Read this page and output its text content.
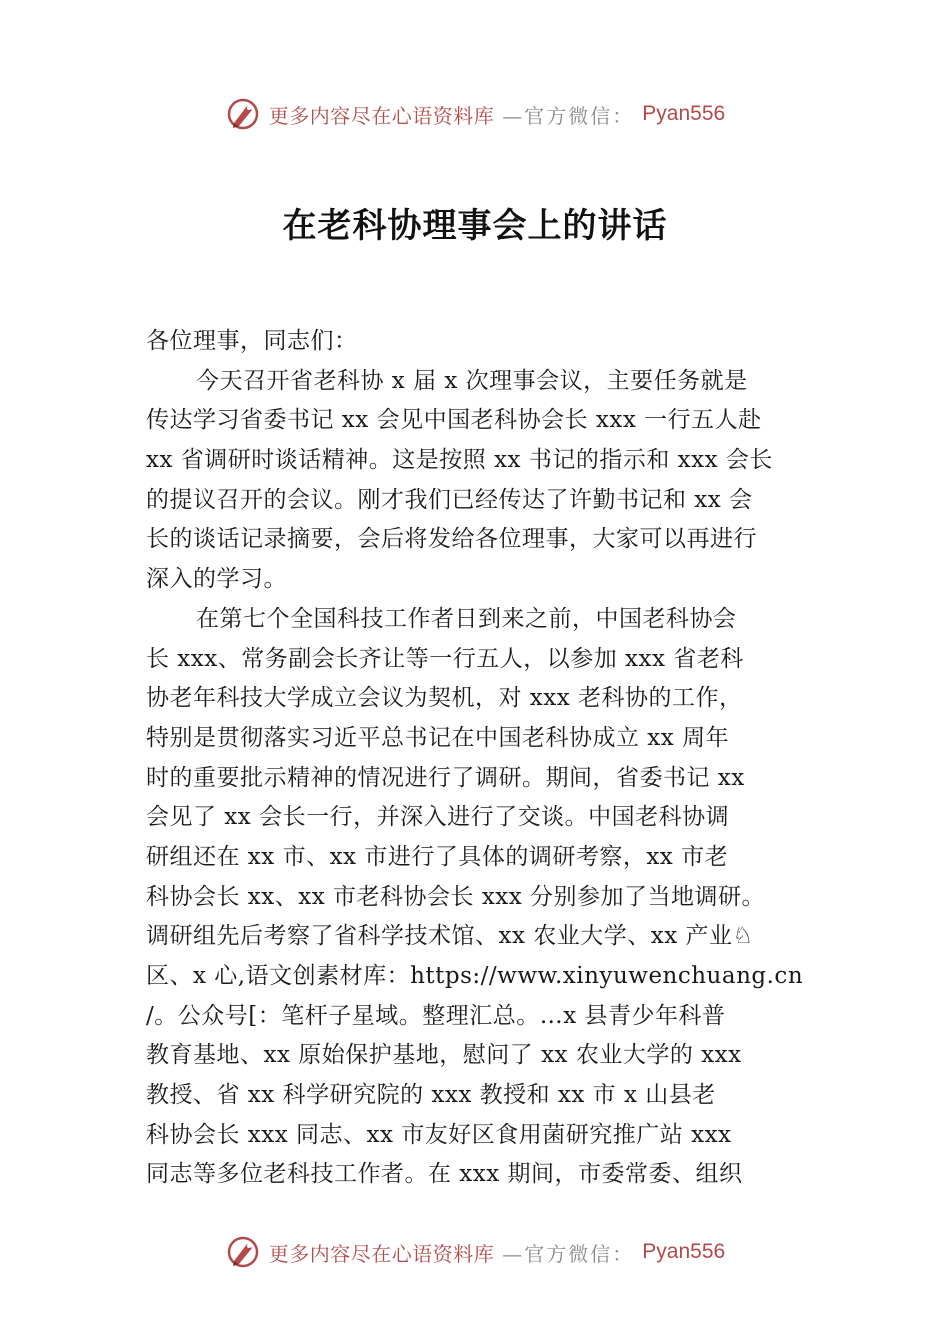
更多内容尽在心语资料库 —官方微信： Pyan556
在老科协理事会上的讲话
各位理事，同志们：
今天召开省老科协 x 届 x 次理事会议，主要任务就是
传达学习省委书记 xx 会见中国老科协会长 xxx 一行五人赴
xx 省调研时谈话精神。这是按照 xx 书记的指示和 xxx 会长
的提议召开的会议。刚才我们已经传达了许勤书记和 xx 会
长的谈话记录摘要，会后将发给各位理事，大家可以再进行
深入的学习。
在第七个全国科技工作者日到来之前，中国老科协会
长 xxx、常务副会长齐让等一行五人，以参加 xxx 省老科
协老年科技大学成立会议为契机，对 xxx 老科协的工作，
特别是贯彻落实习近平总书记在中国老科协成立 xx 周年
时的重要批示精神的情况进行了调研。期间，省委书记 xx
会见了 xx 会长一行，并深入进行了交谈。中国老科协调
研组还在 xx 市、xx 市进行了具体的调研考察，xx 市老
科协会长 xx、xx 市老科协会长 xxx 分别参加了当地调研。
调研组先后考察了省科学技术馆、xx 农业大学、xx 产业♘
区、x 心,语文创素材库：https://www.xinyuwenchuang.cn
/。公众号[：笔杆子星域。整理汇总。…x 县青少年科普
教育基地、xx 原始保护基地，慰问了 xx 农业大学的 xxx
教授、省 xx 科学研究院的 xxx 教授和 xx 市 x 山县老
科协会长 xxx 同志、xx 市友好区食用菌研究推广站 xxx
同志等多位老科技工作者。在 xxx 期间，市委常委、组织
更多内容尽在心语资料库 —官方微信： Pyan556
